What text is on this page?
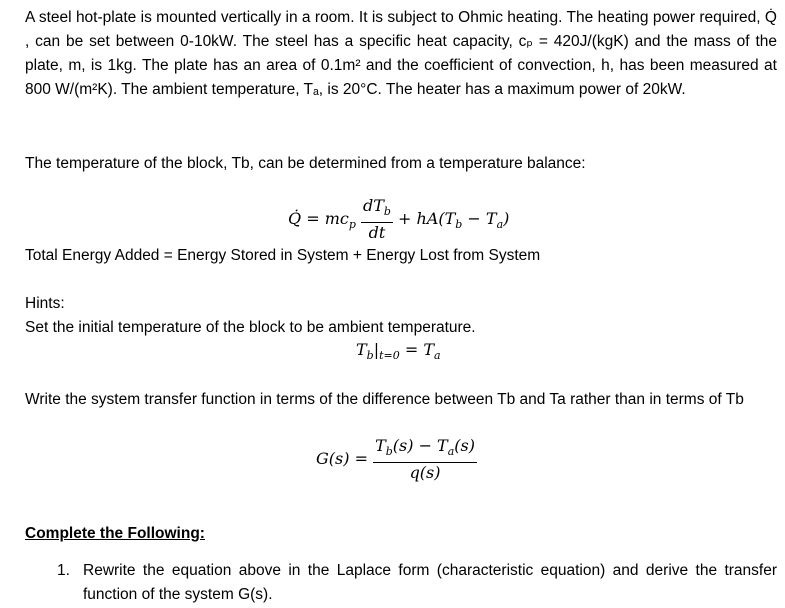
A steel hot-plate is mounted vertically in a room. It is subject to Ohmic heating. The heating power required, Q̇ , can be set between 0-10kW. The steel has a specific heat capacity, cₚ = 420J/(kgK) and the mass of the plate, m, is 1kg. The plate has an area of 0.1m² and the coefficient of convection, h, has been measured at 800 W/(m²K). The ambient temperature, Tₐ, is 20°C. The heater has a maximum power of 20kW.

The temperature of the block, Tb, can be determined from a temperature balance:

Q̇ = $mc_p \frac{dT_b}{dt} + hA(T_b - T_a)$

Total Energy Added = Energy Stored in System + Energy Lost from System

Hints:

Set the initial temperature of the block to be ambient temperature.

$T_b|_{t=0} = T_a$

Write the system transfer function in terms of the difference between Tb and Ta rather than in terms of Tb

$G(s) = \frac{T_b(s) - T_a(s)}{q(s)}$

Complete the Following:

1. Rewrite the equation above in the Laplace form (characteristic equation) and derive the transfer function of the system G(s).
